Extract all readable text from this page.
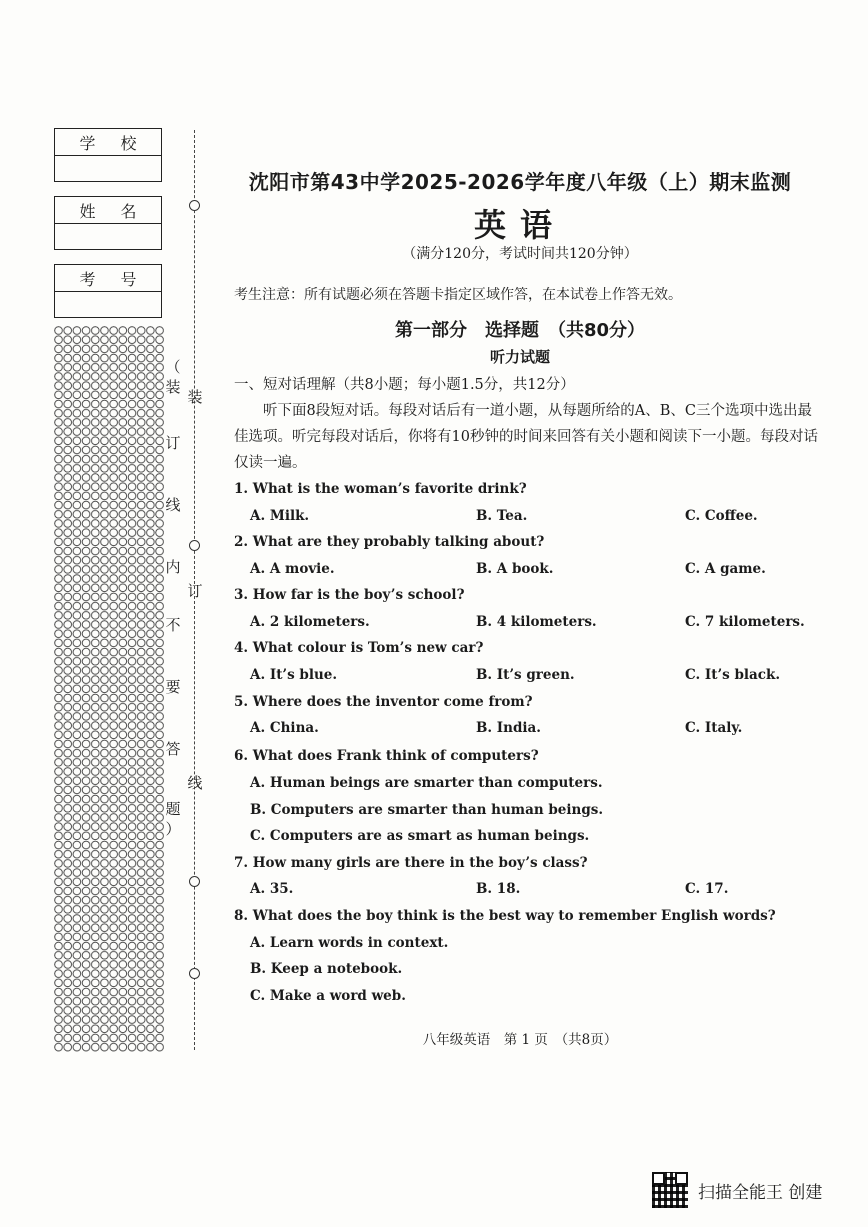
学 校
姓 名
考 号
（
装
订
线
内
不
要
答
题
）
装
订
线
沈阳市第43中学2025-2026学年度八年级（上）期末监测
英语
（满分120分，考试时间共120分钟）
考生注意：所有试题必须在答题卡指定区域作答，在本试卷上作答无效。
第一部分　选择题　（共80分）
听力试题
一、短对话理解（共8小题；每小题1.5分，共12分）
听下面8段短对话。每段对话后有一道小题，从每题所给的A、B、C三个选项中选出最佳选项。听完每段对话后，你将有10秒钟的时间来回答有关小题和阅读下一小题。每段对话仅读一遍。
1. What is the woman’s favorite drink?
A. Milk.	B. Tea.	C. Coffee.
2. What are they probably talking about?
A. A movie.	B. A book.	C. A game.
3. How far is the boy’s school?
A. 2 kilometers.	B. 4 kilometers.	C. 7 kilometers.
4. What colour is Tom’s new car?
A. It’s blue.	B. It’s green.	C. It’s black.
5. Where does the inventor come from?
A. China.	B. India.	C. Italy.
6. What does Frank think of computers?
A. Human beings are smarter than computers.
B. Computers are smarter than human beings.
C. Computers are as smart as human beings.
7. How many girls are there in the boy’s class?
A. 35.	B. 18.	C. 17.
8. What does the boy think is the best way to remember English words?
A. Learn words in context.
B. Keep a notebook.
C. Make a word web.
八年级英语　第 1 页　（共8页）
扫描全能王 创建
